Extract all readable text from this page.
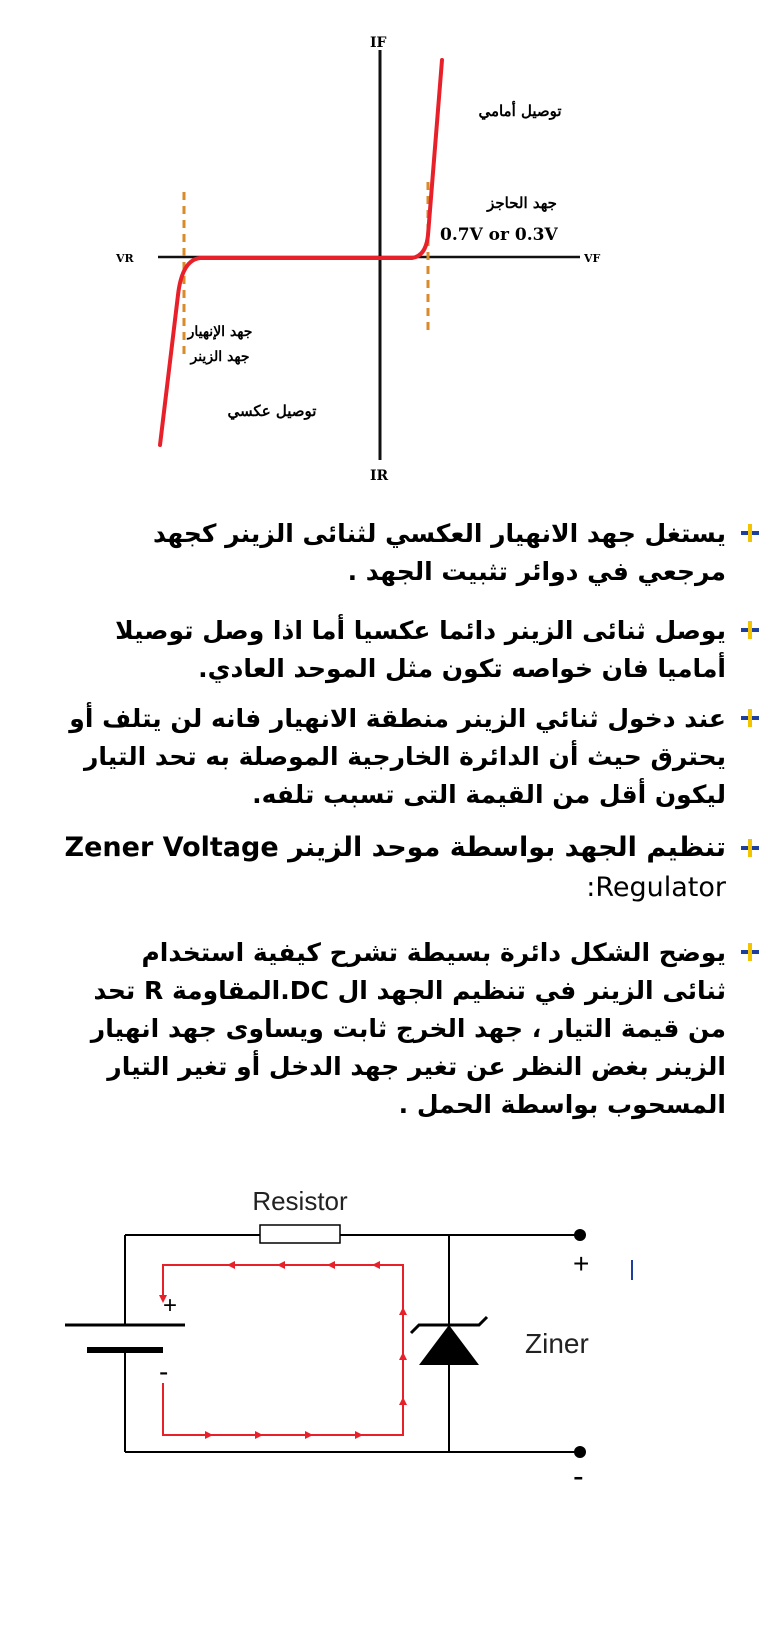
IF
IR
VR	VF
توصيل أمامي
جهد الحاجز
0.7V or 0.3V
جهد الإنهيار
جهد الزينر
توصيل عكسي
يستغل جهد الانهيار العكسي لثنائى الزينر كجهد
مرجعي في دوائر تثبيت الجهد .
يوصل ثنائى الزينر دائما عكسيا أما اذا وصل توصيلا
أماميا فان خواصه تكون مثل الموحد العادي.
عند دخول ثنائي الزينر منطقة الانهيار فانه لن يتلف أو
يحترق حيث أن الدائرة الخارجية الموصلة به تحد التيار
ليكون أقل من القيمة التى تسبب تلفه.
تنظيم الجهد بواسطة موحد الزينر Zener Voltage
Regulator:
يوضح الشكل دائرة بسيطة تشرح كيفية استخدام
ثنائى الزينر في تنظيم الجهد ال DC.المقاومة R تحد
من قيمة التيار ، جهد الخرج ثابت ويساوى جهد انهيار
الزينر بغض النظر عن تغير جهد الدخل أو تغير التيار
المسحوب بواسطة الحمل .
Resistor
Ziner
+
-
+
-
